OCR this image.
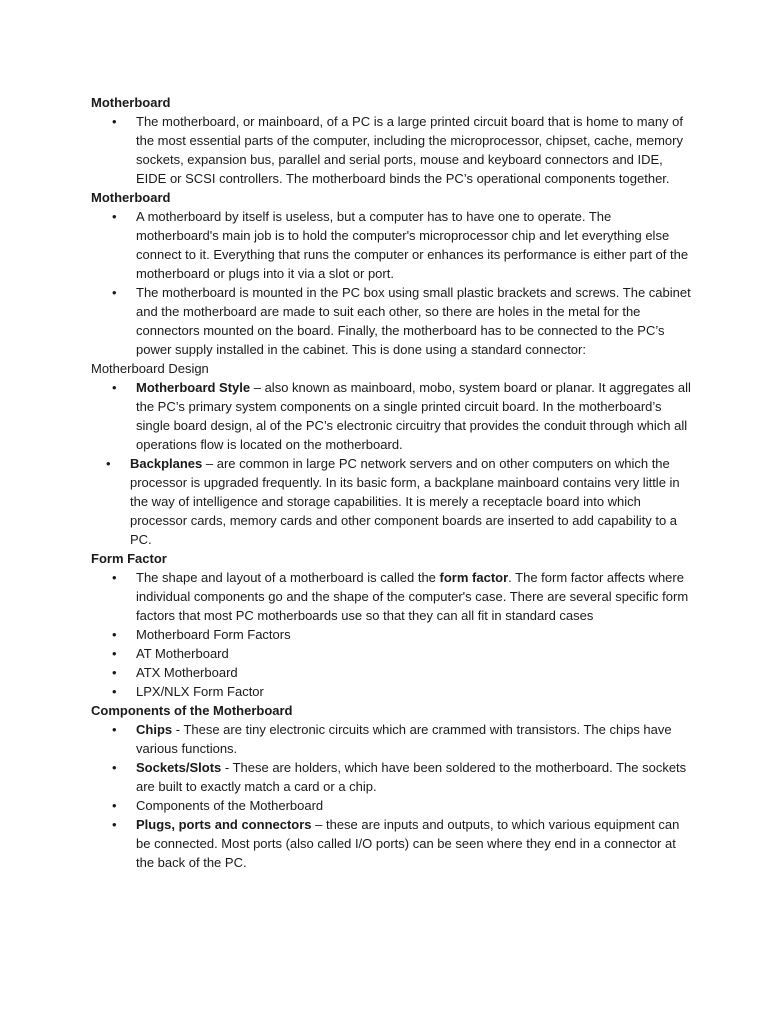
Motherboard
•	The motherboard, or mainboard, of a PC is a large printed circuit board that is home to many of the most essential parts of the computer, including the microprocessor, chipset, cache, memory sockets, expansion bus, parallel and serial ports, mouse and keyboard connectors and IDE, EIDE or SCSI controllers. The motherboard binds the PC’s operational components together.
Motherboard
•	A motherboard by itself is useless, but a computer has to have one to operate. The motherboard's main job is to hold the computer's microprocessor chip and let everything else connect to it. Everything that runs the computer or enhances its performance is either part of the motherboard or plugs into it via a slot or port.
•	The motherboard is mounted in the PC box using small plastic brackets and screws. The cabinet and the motherboard are made to suit each other, so there are holes in the metal for the connectors mounted on the board. Finally, the motherboard has to be connected to the PC’s power supply installed in the cabinet. This is done using a standard connector:
Motherboard Design
•	Motherboard Style – also known as mainboard, mobo, system board or planar. It aggregates all the PC’s primary system components on a single printed circuit board. In the motherboard’s single board design, al of the PC’s electronic circuitry that provides the conduit through which all operations flow is located on the motherboard.
•	Backplanes – are common in large PC network servers and on other computers on which the processor is upgraded frequently. In its basic form, a backplane mainboard contains very little in the way of intelligence and storage capabilities. It is merely a receptacle board into which processor cards, memory cards and other component boards are inserted to add capability to a PC.
Form Factor
•	The shape and layout of a motherboard is called the form factor. The form factor affects where individual components go and the shape of the computer's case. There are several specific form factors that most PC motherboards use so that they can all fit in standard cases
•	Motherboard Form Factors
•	AT Motherboard
•	ATX Motherboard
•	LPX/NLX Form Factor
Components of the Motherboard
•	Chips - These are tiny electronic circuits which are crammed with transistors. The chips have various functions.
•	Sockets/Slots - These are holders, which have been soldered to the motherboard. The sockets are built to exactly match a card or a chip.
•	Components of the Motherboard
•	Plugs, ports and connectors – these are inputs and outputs, to which various equipment can be connected. Most ports (also called I/O ports) can be seen where they end in a connector at the back of the PC.
